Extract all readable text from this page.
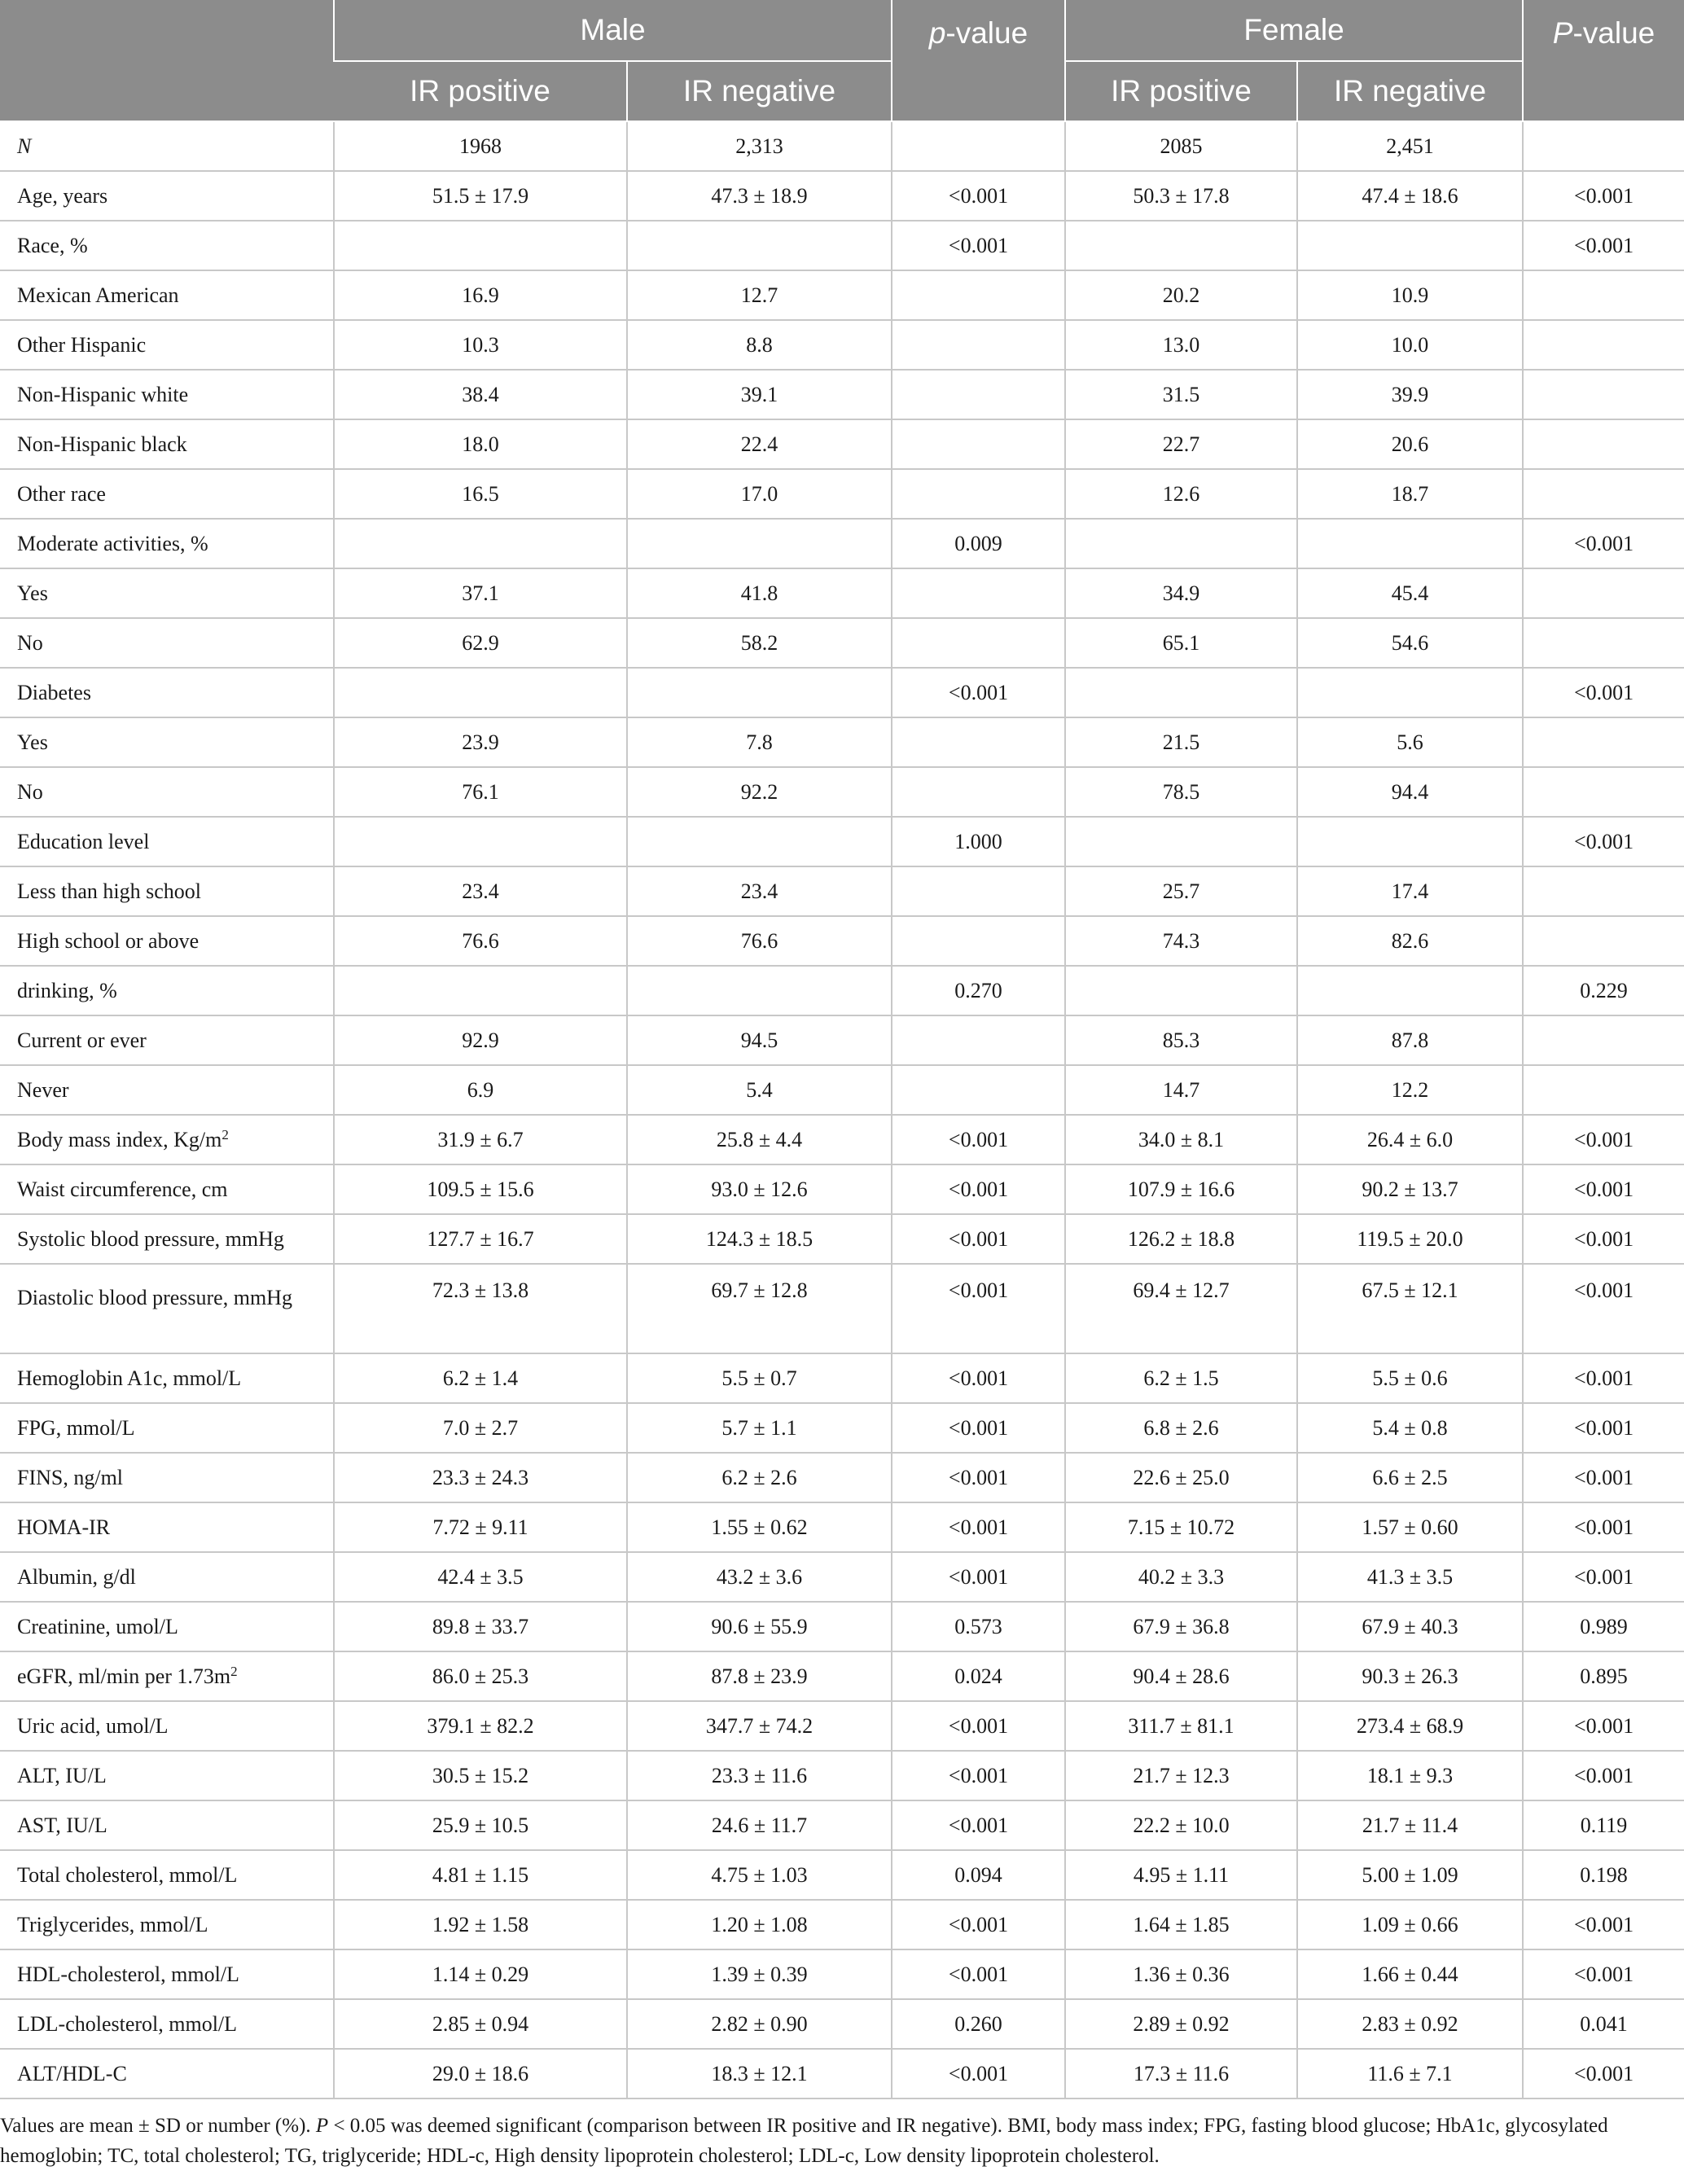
	Male		p-value	Female		P-value
	IR positive	IR negative		IR positive	IR negative	
N	1968	2,313		2085	2,451	
Age, years	51.5 ± 17.9	47.3 ± 18.9	<0.001	50.3 ± 17.8	47.4 ± 18.6	<0.001
Race, %			<0.001			<0.001
Mexican American	16.9	12.7		20.2	10.9	
Other Hispanic	10.3	8.8		13.0	10.0	
Non-Hispanic white	38.4	39.1		31.5	39.9	
Non-Hispanic black	18.0	22.4		22.7	20.6	
Other race	16.5	17.0		12.6	18.7	
Moderate activities, %			0.009			<0.001
Yes	37.1	41.8		34.9	45.4	
No	62.9	58.2		65.1	54.6	
Diabetes			<0.001			<0.001
Yes	23.9	7.8		21.5	5.6	
No	76.1	92.2		78.5	94.4	
Education level			1.000			<0.001
Less than high school	23.4	23.4		25.7	17.4	
High school or above	76.6	76.6		74.3	82.6	
drinking, %			0.270			0.229
Current or ever	92.9	94.5		85.3	87.8	
Never	6.9	5.4		14.7	12.2	
Body mass index, $Kg/m^2$	31.9 ± 6.7	25.8 ± 4.4	<0.001	34.0 ± 8.1	26.4 ± 6.0	<0.001
Waist circumference, cm	109.5 ± 15.6	93.0 ± 12.6	<0.001	107.9 ± 16.6	90.2 ± 13.7	<0.001
Systolic blood pressure, mmHg	127.7 ± 16.7	124.3 ± 18.5	<0.001	126.2 ± 18.8	119.5 ± 20.0	<0.001
Diastolic blood pressure, mmHg	72.3 ± 13.8	69.7 ± 12.8	<0.001	69.4 ± 12.7	67.5 ± 12.1	<0.001
Hemoglobin A1c, mmol/L	6.2 ± 1.4	5.5 ± 0.7	<0.001	6.2 ± 1.5	5.5 ± 0.6	<0.001
FPG, mmol/L	7.0 ± 2.7	5.7 ± 1.1	<0.001	6.8 ± 2.6	5.4 ± 0.8	<0.001
FINS, ng/ml	23.3 ± 24.3	6.2 ± 2.6	<0.001	22.6 ± 25.0	6.6 ± 2.5	<0.001
HOMA-IR	7.72 ± 9.11	1.55 ± 0.62	<0.001	7.15 ± 10.72	1.57 ± 0.60	<0.001
Albumin, g/dl	42.4 ± 3.5	43.2 ± 3.6	<0.001	40.2 ± 3.3	41.3 ± 3.5	<0.001
Creatinine, umol/L	89.8 ± 33.7	90.6 ± 55.9	0.573	67.9 ± 36.8	67.9 ± 40.3	0.989
eGFR, ml/min per $1.73m^2$	86.0 ± 25.3	87.8 ± 23.9	0.024	90.4 ± 28.6	90.3 ± 26.3	0.895
Uric acid, umol/L	379.1 ± 82.2	347.7 ± 74.2	<0.001	311.7 ± 81.1	273.4 ± 68.9	<0.001
ALT, IU/L	30.5 ± 15.2	23.3 ± 11.6	<0.001	21.7 ± 12.3	18.1 ± 9.3	<0.001
AST, IU/L	25.9 ± 10.5	24.6 ± 11.7	<0.001	22.2 ± 10.0	21.7 ± 11.4	0.119
Total cholesterol, mmol/L	4.81 ± 1.15	4.75 ± 1.03	0.094	4.95 ± 1.11	5.00 ± 1.09	0.198
Triglycerides, mmol/L	1.92 ± 1.58	1.20 ± 1.08	<0.001	1.64 ± 1.85	1.09 ± 0.66	<0.001
HDL-cholesterol, mmol/L	1.14 ± 0.29	1.39 ± 0.39	<0.001	1.36 ± 0.36	1.66 ± 0.44	<0.001
LDL-cholesterol, mmol/L	2.85 ± 0.94	2.82 ± 0.90	0.260	2.89 ± 0.92	2.83 ± 0.92	0.041
ALT/HDL-C	29.0 ± 18.6	18.3 ± 12.1	<0.001	17.3 ± 11.6	11.6 ± 7.1	<0.001
Values are mean ± SD or number (%). P < 0.05 was deemed significant (comparison between IR positive and IR negative). BMI, body mass index; FPG, fasting blood glucose; HbA1c, glycosylated hemoglobin; TC, total cholesterol; TG, triglyceride; HDL-c, High density lipoprotein cholesterol; LDL-c, Low density lipoprotein cholesterol.
